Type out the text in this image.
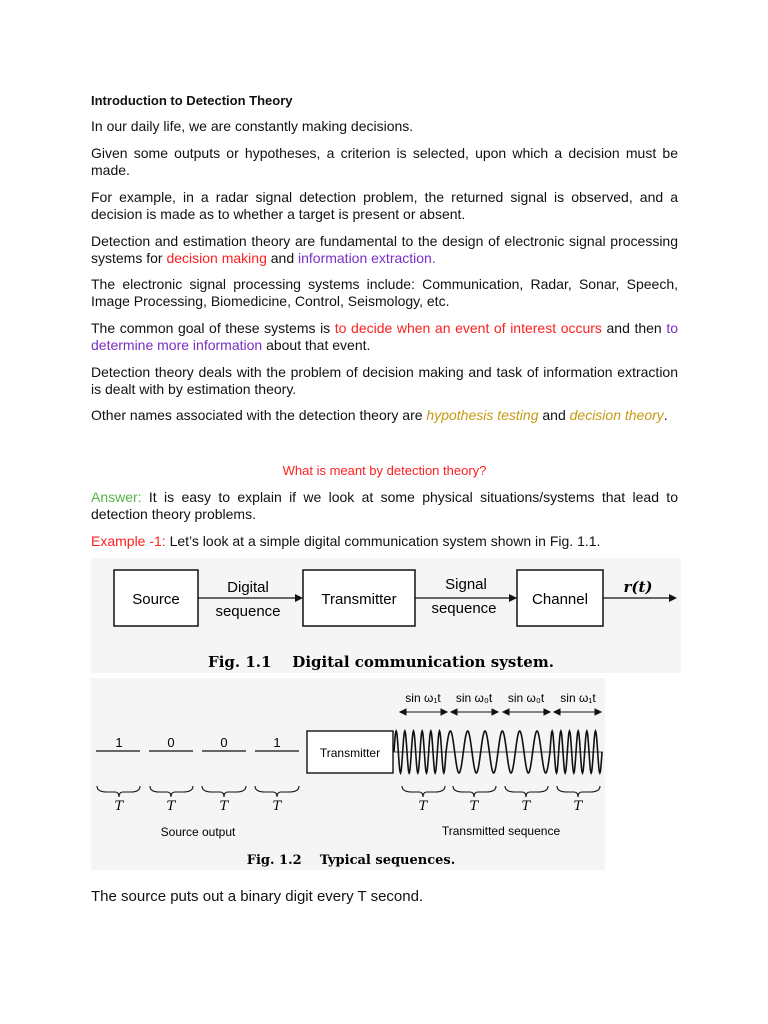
Introduction to Detection Theory

In our daily life, we are constantly making decisions.

Given some outputs or hypotheses, a criterion is selected, upon which a decision must be made.

For example, in a radar signal detection problem, the returned signal is observed, and a decision is made as to whether a target is present or absent.

Detection and estimation theory are fundamental to the design of electronic signal processing systems for decision making and information extraction.

The electronic signal processing systems include: Communication, Radar, Sonar, Speech, Image Processing, Biomedicine, Control, Seismology, etc.

The common goal of these systems is to decide when an event of interest occurs and then to determine more information about that event.

Detection theory deals with the problem of decision making and task of information extraction is dealt with by estimation theory.

Other names associated with the detection theory are hypothesis testing and decision theory.

What is meant by detection theory?

Answer: It is easy to explain if we look at some physical situations/systems that lead to detection theory problems.

Example -1: Let’s look at a simple digital communication system shown in Fig. 1.1.

Source
Digital
sequence
Transmitter
Signal
sequence
Channel
r(t)
Fig. 1.1    Digital communication system.
1	0	0	1
T	T	T	T
Source output
Transmitter
sin ω₁t sin ω₀t sin ω₀t sin ω₁t
T	T	T	T
Transmitted sequence
Fig. 1.2    Typical sequences.

The source puts out a binary digit every T second.
